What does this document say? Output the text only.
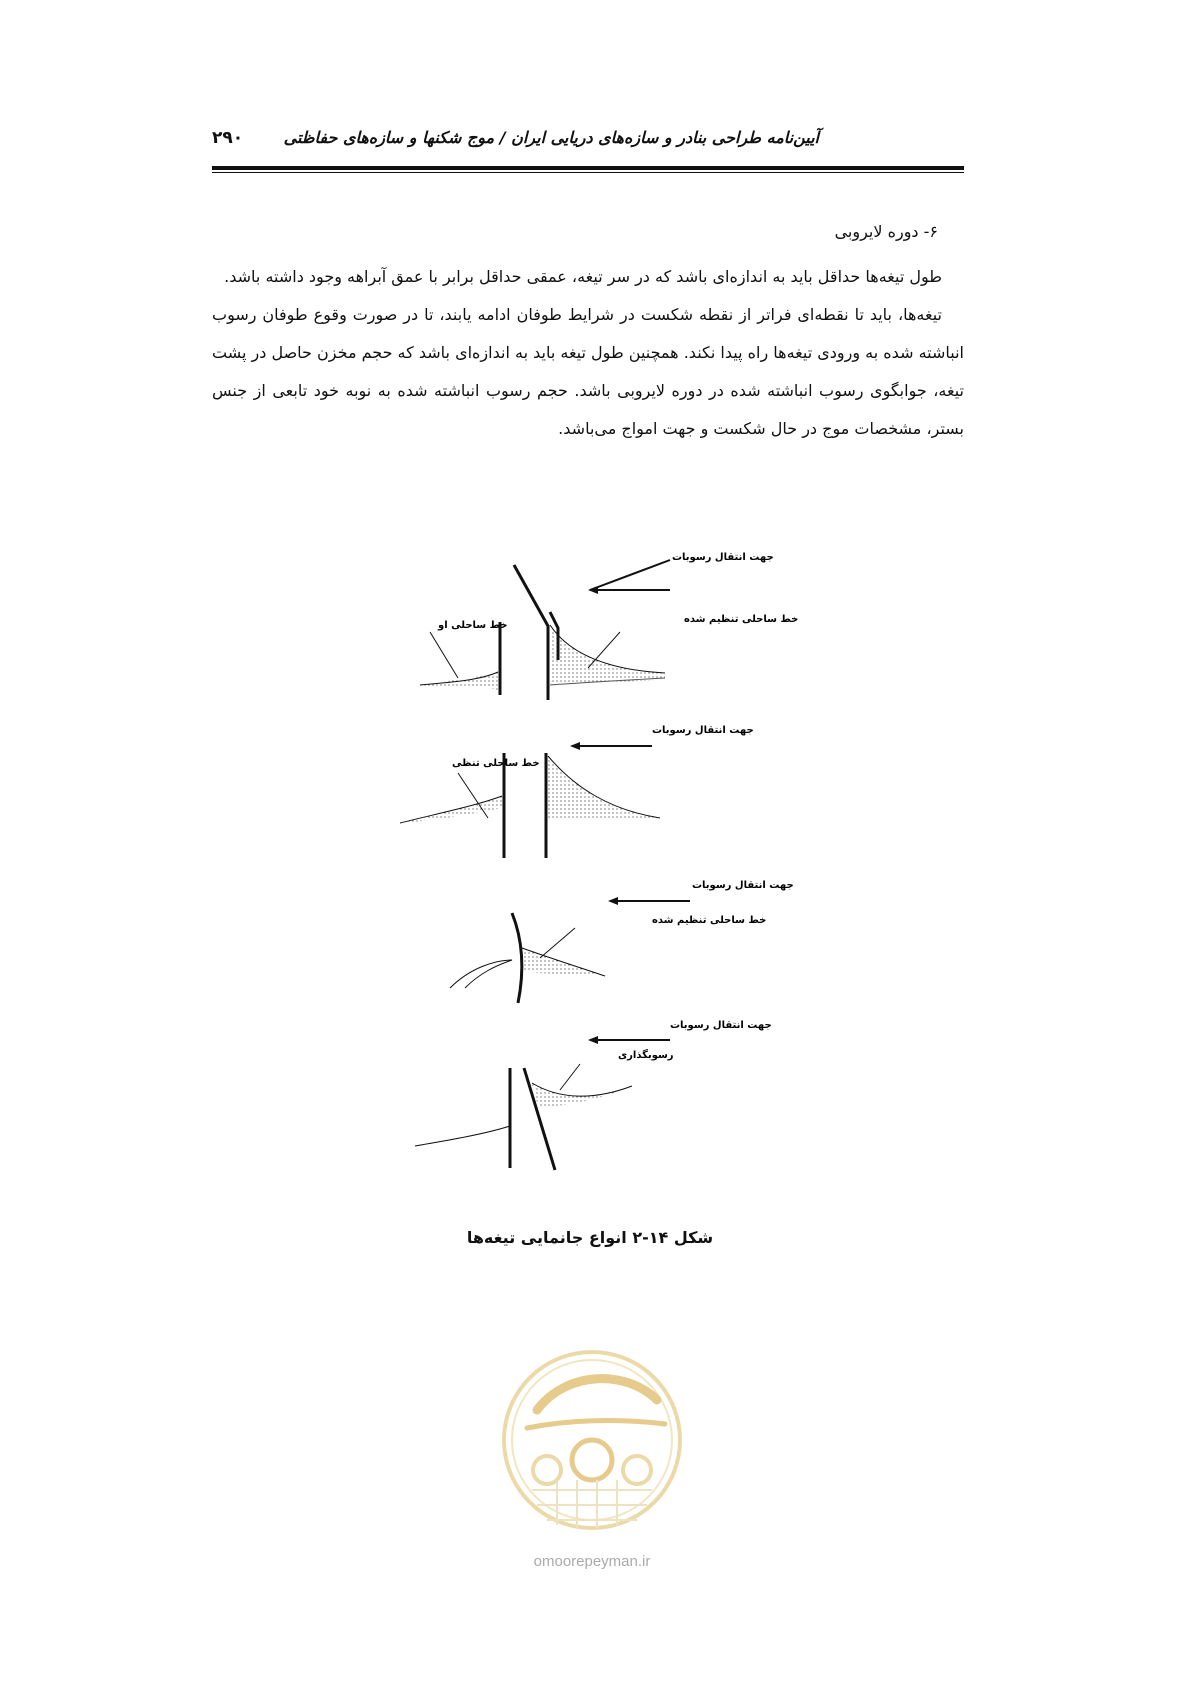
آیین‌نامه طراحی بنادر و سازه‌های دریایی ایران / موج شکنها و سازه‌های حفاظتی
۲۹۰
۶- دوره لایروبی

طول تیغه‌ها حداقل باید به اندازه‌ای باشد که در سر تیغه، عمقی حداقل برابر با عمق آبراهه وجود داشته باشد.

تیغه‌ها، باید تا نقطه‌ای فراتر از نقطه شکست در شرایط طوفان ادامه یابند، تا در صورت وقوع طوفان رسوب انباشته شده به ورودی تیغه‌ها راه پیدا نکند. همچنین طول تیغه باید به اندازه‌ای باشد که حجم مخزن حاصل در پشت تیغه، جوابگوی رسوب انباشته شده در دوره لایروبی باشد. حجم رسوب انباشته شده به نوبه خود تابعی از جنس بستر، مشخصات موج در حال شکست و جهت امواج می‌باشد.

جهت انتقال رسوبات
خط ساحلی تنظیم شده
خط ساحلی او
جهت انتقال رسوبات
خط ساحلی تنظی
جهت انتقال رسوبات
خط ساحلی تنظیم شده
جهت انتقال رسوبات
رسوبگذاری
شکل ۱۴-۲ انواع جانمایی تیغه‌ها
omoorepeyman.ir
